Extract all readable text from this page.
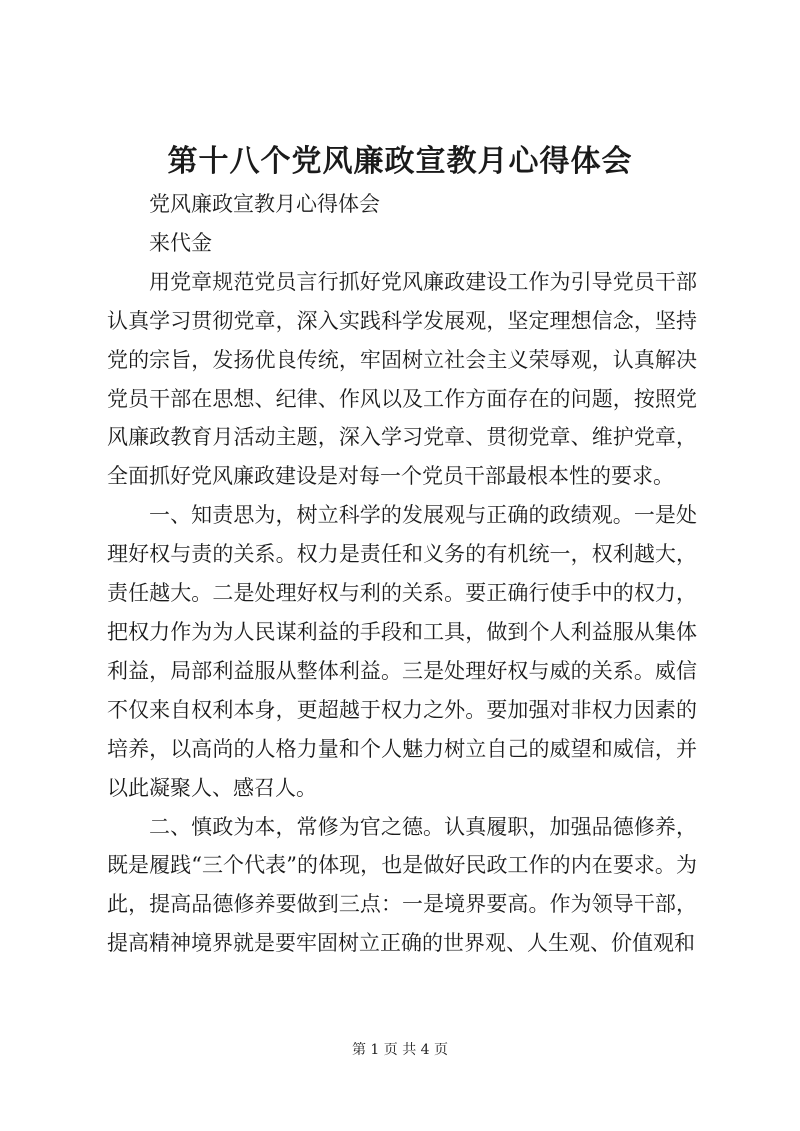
第十八个党风廉政宣教月心得体会

党风廉政宣教月心得体会

来代金

用党章规范党员言行抓好党风廉政建设工作为引导党员干部认真学习贯彻党章，深入实践科学发展观，坚定理想信念，坚持党的宗旨，发扬优良传统，牢固树立社会主义荣辱观，认真解决党员干部在思想、纪律、作风以及工作方面存在的问题，按照党风廉政教育月活动主题，深入学习党章、贯彻党章、维护党章，全面抓好党风廉政建设是对每一个党员干部最根本性的要求。

一、知责思为，树立科学的发展观与正确的政绩观。一是处理好权与责的关系。权力是责任和义务的有机统一，权利越大，责任越大。二是处理好权与利的关系。要正确行使手中的权力，把权力作为为人民谋利益的手段和工具，做到个人利益服从集体利益，局部利益服从整体利益。三是处理好权与威的关系。威信不仅来自权利本身，更超越于权力之外。要加强对非权力因素的培养，以高尚的人格力量和个人魅力树立自己的威望和威信，并以此凝聚人、感召人。

二、慎政为本，常修为官之德。认真履职，加强品德修养，既是履践“三个代表”的体现，也是做好民政工作的内在要求。为此，提高品德修养要做到三点：一是境界要高。作为领导干部，提高精神境界就是要牢固树立正确的世界观、人生观、价值观和

第 1 页 共 4 页
